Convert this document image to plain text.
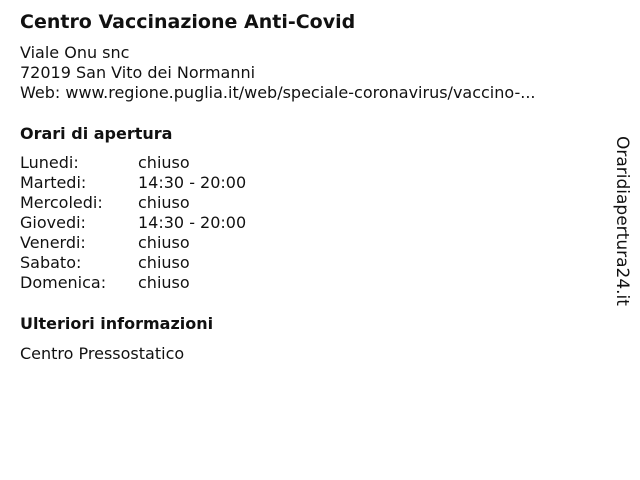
Centro Vaccinazione Anti-Covid
Viale Onu snc
72019 San Vito dei Normanni
Web: www.regione.puglia.it/web/speciale-coronavirus/vaccino-...
Orari di apertura
Lunedi:	chiuso
Martedi:	14:30 - 20:00
Mercoledi: chiuso
Giovedi:	14:30 - 20:00
Venerdi:	chiuso
Sabato:	chiuso
Domenica: chiuso
Ulteriori informazioni
Centro Pressostatico
Oraridiapertura24.it
